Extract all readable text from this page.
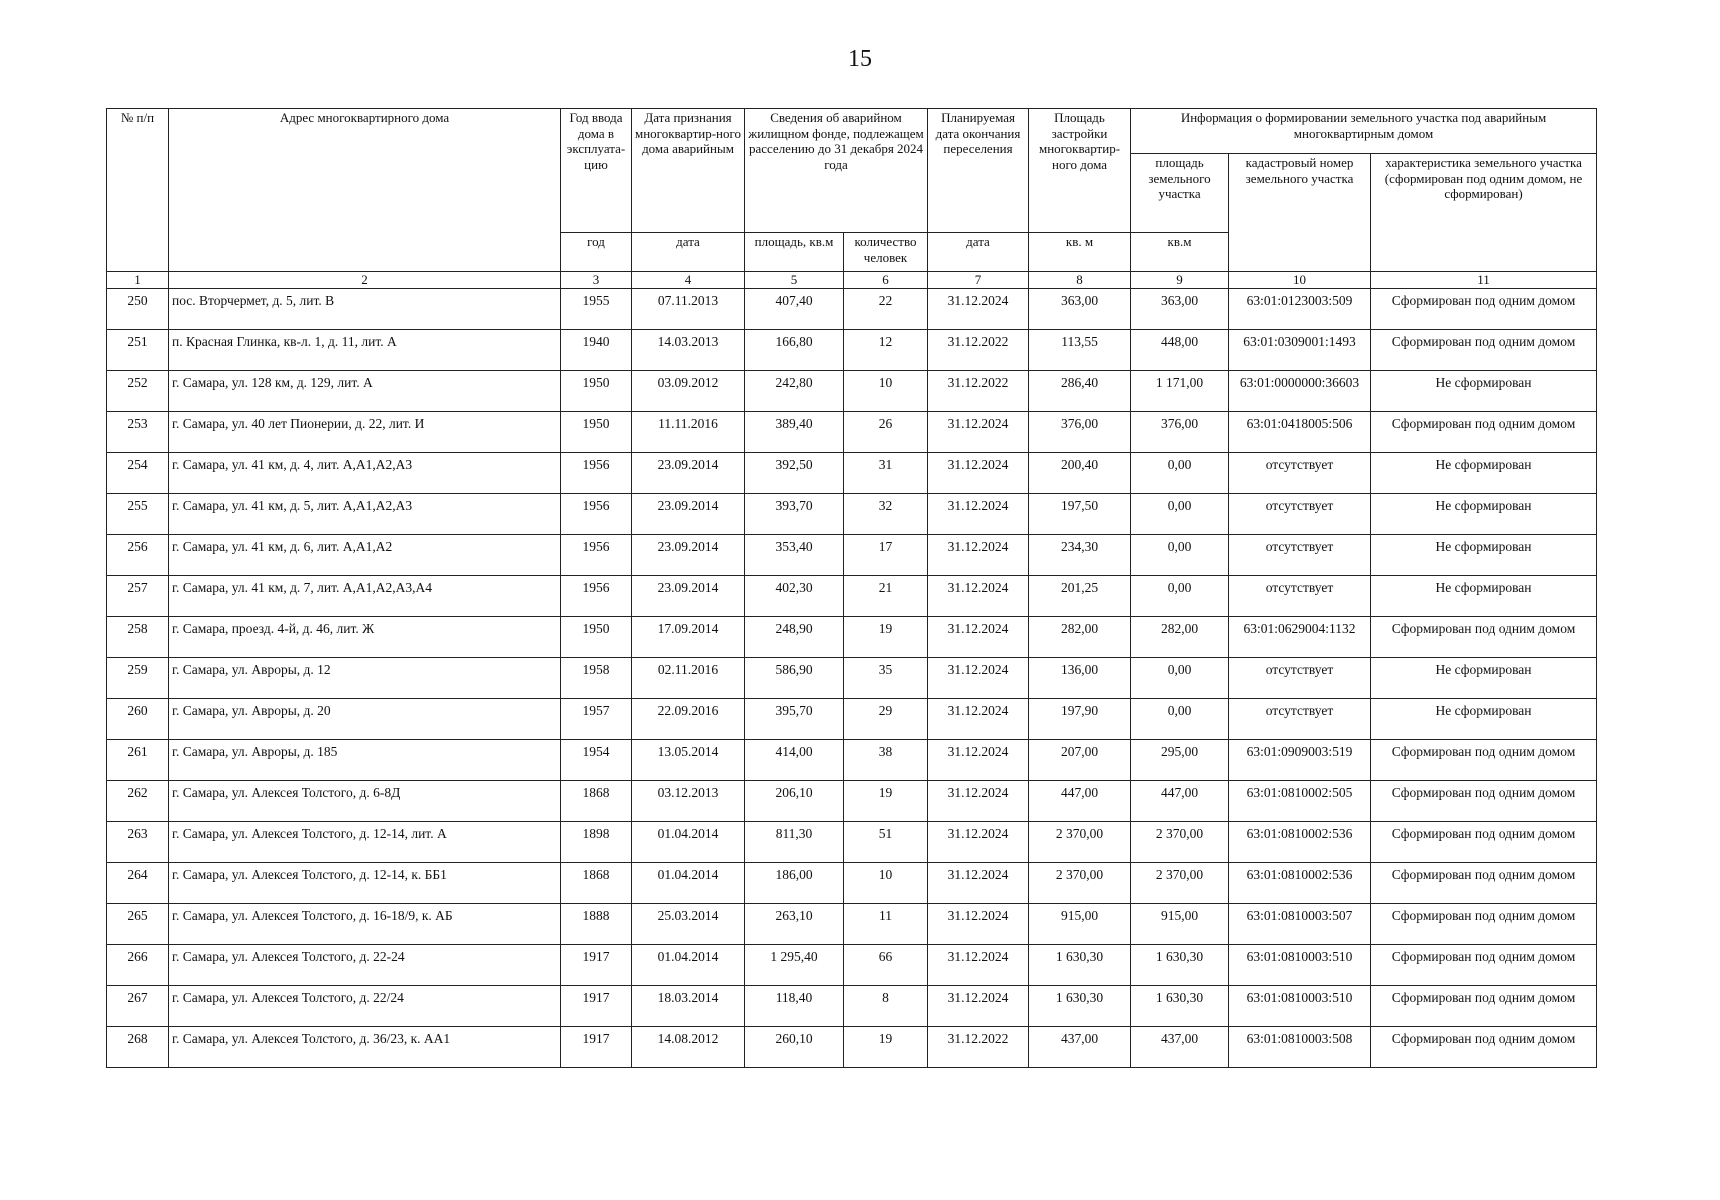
15
№ п/п	Адрес многоквартирного дома	Год ввода дома в эксплуата-цию	Дата признания многоквартир-ного дома аварийным	Сведения об аварийном жилищном фонде, подлежащем расселению до 31 декабря 2024 года		Планируемая дата окончания переселения	Площадь застройки многоквартир-ного дома	Информация о формировании земельного участка под аварийным многоквартирным домом		
								площадь земельного участка	кадастровый номер земельного участка	характеристика земельного участка (сформирован под одним домом, не сформирован)
		год	дата	площадь, кв.м	количество человек	дата	кв. м	кв.м		
1	2	3	4	5	6	7	8	9	10	11
250	пос. Вторчермет, д. 5, лит. В	1955	07.11.2013	407,40	22	31.12.2024	363,00	363,00	63:01:0123003:509	Сформирован под одним домом
251	п. Красная Глинка, кв-л. 1, д. 11, лит. А	1940	14.03.2013	166,80	12	31.12.2022	113,55	448,00	63:01:0309001:1493	Сформирован под одним домом
252	г. Самара, ул. 128 км, д. 129, лит. А	1950	03.09.2012	242,80	10	31.12.2022	286,40	1 171,00	63:01:0000000:36603	Не сформирован
253	г. Самара, ул. 40 лет Пионерии, д. 22, лит. И	1950	11.11.2016	389,40	26	31.12.2024	376,00	376,00	63:01:0418005:506	Сформирован под одним домом
254	г. Самара, ул. 41 км, д. 4, лит. А,А1,А2,А3	1956	23.09.2014	392,50	31	31.12.2024	200,40	0,00	отсутствует	Не сформирован
255	г. Самара, ул. 41 км, д. 5, лит. А,А1,А2,А3	1956	23.09.2014	393,70	32	31.12.2024	197,50	0,00	отсутствует	Не сформирован
256	г. Самара, ул. 41 км, д. 6, лит. А,А1,А2	1956	23.09.2014	353,40	17	31.12.2024	234,30	0,00	отсутствует	Не сформирован
257	г. Самара, ул. 41 км, д. 7, лит. А,А1,А2,А3,А4	1956	23.09.2014	402,30	21	31.12.2024	201,25	0,00	отсутствует	Не сформирован
258	г. Самара, проезд. 4-й, д. 46, лит. Ж	1950	17.09.2014	248,90	19	31.12.2024	282,00	282,00	63:01:0629004:1132	Сформирован под одним домом
259	г. Самара, ул. Авроры, д. 12	1958	02.11.2016	586,90	35	31.12.2024	136,00	0,00	отсутствует	Не сформирован
260	г. Самара, ул. Авроры, д. 20	1957	22.09.2016	395,70	29	31.12.2024	197,90	0,00	отсутствует	Не сформирован
261	г. Самара, ул. Авроры, д. 185	1954	13.05.2014	414,00	38	31.12.2024	207,00	295,00	63:01:0909003:519	Сформирован под одним домом
262	г. Самара, ул. Алексея Толстого, д. 6-8Д	1868	03.12.2013	206,10	19	31.12.2024	447,00	447,00	63:01:0810002:505	Сформирован под одним домом
263	г. Самара, ул. Алексея Толстого, д. 12-14, лит. А	1898	01.04.2014	811,30	51	31.12.2024	2 370,00	2 370,00	63:01:0810002:536	Сформирован под одним домом
264	г. Самара, ул. Алексея Толстого, д. 12-14, к. ББ1	1868	01.04.2014	186,00	10	31.12.2024	2 370,00	2 370,00	63:01:0810002:536	Сформирован под одним домом
265	г. Самара, ул. Алексея Толстого, д. 16-18/9, к. АБ	1888	25.03.2014	263,10	11	31.12.2024	915,00	915,00	63:01:0810003:507	Сформирован под одним домом
266	г. Самара, ул. Алексея Толстого, д. 22-24	1917	01.04.2014	1 295,40	66	31.12.2024	1 630,30	1 630,30	63:01:0810003:510	Сформирован под одним домом
267	г. Самара, ул. Алексея Толстого, д. 22/24	1917	18.03.2014	118,40	8	31.12.2024	1 630,30	1 630,30	63:01:0810003:510	Сформирован под одним домом
268	г. Самара, ул. Алексея Толстого, д. 36/23, к. АА1	1917	14.08.2012	260,10	19	31.12.2022	437,00	437,00	63:01:0810003:508	Сформирован под одним домом
